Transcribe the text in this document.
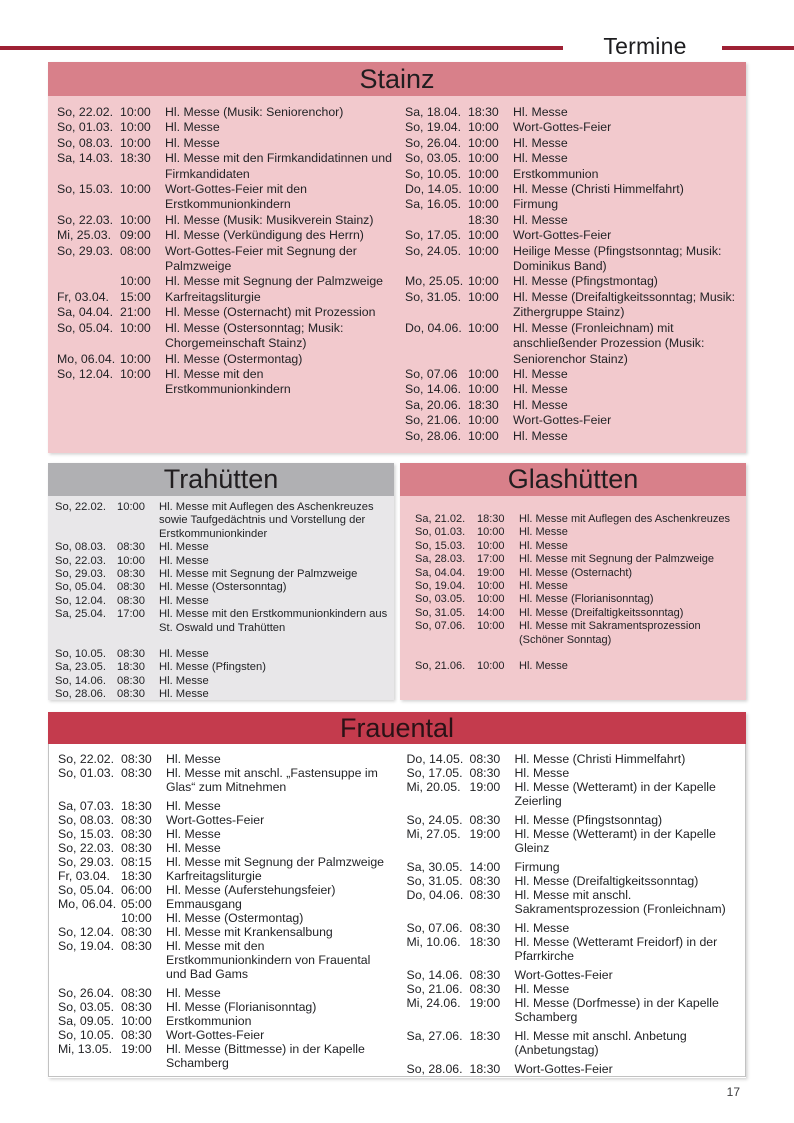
Termine
Stainz
So, 22.02. 10:00	Hl. Messe (Musik: Seniorenchor)
So, 01.03. 10:00	Hl. Messe
So, 08.03. 10:00	Hl. Messe
Sa, 14.03. 18:30	Hl. Messe mit den Firmkandidatinnen und Firmkandidaten
So, 15.03. 10:00	Wort-Gottes-Feier mit den Erstkommunionkindern
So, 22.03. 10:00	Hl. Messe (Musik: Musikverein Stainz)
Mi, 25.03. 09:00	Hl. Messe (Verkündigung des Herrn)
So, 29.03. 08:00	Wort-Gottes-Feier mit Segnung der Palmzweige
10:00	Hl. Messe mit Segnung der Palmzweige
Fr, 03.04. 15:00	Karfreitagsliturgie
Sa, 04.04. 21:00	Hl. Messe (Osternacht) mit Prozession
So, 05.04. 10:00	Hl. Messe (Ostersonntag; Musik: Chorgemeinschaft Stainz)
Mo, 06.04. 10:00	Hl. Messe (Ostermontag)
So, 12.04. 10:00	Hl. Messe mit den Erstkommunionkindern
Sa, 18.04. 18:30	Hl. Messe
So, 19.04. 10:00	Wort-Gottes-Feier
So, 26.04. 10:00	Hl. Messe
So, 03.05. 10:00	Hl. Messe
So, 10.05. 10:00	Erstkommunion
Do, 14.05. 10:00	Hl. Messe (Christi Himmelfahrt)
Sa, 16.05. 10:00	Firmung
18:30	Hl. Messe
So, 17.05. 10:00	Wort-Gottes-Feier
So, 24.05. 10:00	Heilige Messe (Pfingstsonntag; Musik: Dominikus Band)
Mo, 25.05. 10:00	Hl. Messe (Pfingstmontag)
So, 31.05. 10:00	Hl. Messe (Dreifaltigkeitssonntag; Musik: Zithergruppe Stainz)
Do, 04.06. 10:00	Hl. Messe (Fronleichnam) mit anschließender Prozession (Musik: Seniorenchor Stainz)
So, 07.06 10:00	Hl. Messe
So, 14.06. 10:00	Hl. Messe
Sa, 20.06. 18:30	Hl. Messe
So, 21.06. 10:00	Wort-Gottes-Feier
So, 28.06. 10:00	Hl. Messe
Trahütten
So, 22.02. 10:00	Hl. Messe mit Auflegen des Aschenkreuzes sowie Taufgedächtnis und Vorstellung der Erstkommunionkinder
So, 08.03. 08:30	Hl. Messe
So, 22.03. 10:00	Hl. Messe
So, 29.03. 08:30	Hl. Messe mit Segnung der Palmzweige
So, 05.04. 08:30	Hl. Messe (Ostersonntag)
So, 12.04. 08:30	Hl. Messe
Sa, 25.04. 17:00	Hl. Messe mit den Erstkommunionkindern aus St. Oswald und Trahütten
So, 10.05. 08:30	Hl. Messe
Sa, 23.05. 18:30	Hl. Messe (Pfingsten)
So, 14.06. 08:30	Hl. Messe
So, 28.06. 08:30	Hl. Messe
Glashütten
Sa, 21.02.	18:30	Hl. Messe mit Auflegen des Aschenkreuzes
So, 01.03.	10:00	Hl. Messe
So, 15.03.	10:00	Hl. Messe
Sa, 28.03.	17:00	Hl. Messe mit Segnung der Palmzweige
Sa, 04.04.	19:00	Hl. Messe (Osternacht)
So, 19.04.	10:00	Hl. Messe
So, 03.05.	10:00	Hl. Messe (Florianisonntag)
So, 31.05.	14:00	Hl. Messe (Dreifaltigkeitssonntag)
So, 07.06.	10:00	Hl. Messe mit Sakramentsprozession (Schöner Sonntag)
So, 21.06.	10:00	Hl. Messe
Frauental
So, 22.02. 08:30	Hl. Messe
So, 01.03. 08:30	Hl. Messe mit anschl. „Fastensuppe im Glas“ zum Mitnehmen
Sa, 07.03. 18:30	Hl. Messe
So, 08.03. 08:30	Wort-Gottes-Feier
So, 15.03. 08:30	Hl. Messe
So, 22.03. 08:30	Hl. Messe
So, 29.03. 08:15	Hl. Messe mit Segnung der Palmzweige
Fr, 03.04. 18:30	Karfreitagsliturgie
So, 05.04. 06:00	Hl. Messe (Auferstehungsfeier)
Mo, 06.04. 05:00	Emmausgang
10:00	Hl. Messe (Ostermontag)
So, 12.04. 08:30	Hl. Messe mit Krankensalbung
So, 19.04. 08:30	Hl. Messe mit den Erstkommunionkindern von Frauental und Bad Gams
So, 26.04. 08:30	Hl. Messe
So, 03.05. 08:30	Hl. Messe (Florianisonntag)
Sa, 09.05. 10:00	Erstkommunion
So, 10.05. 08:30	Wort-Gottes-Feier
Mi, 13.05. 19:00	Hl. Messe (Bittmesse) in der Kapelle Schamberg
Do, 14.05. 08:30	Hl. Messe (Christi Himmelfahrt)
So, 17.05. 08:30	Hl. Messe
Mi, 20.05. 19:00	Hl. Messe (Wetteramt) in der Kapelle Zeierling
So, 24.05. 08:30	Hl. Messe (Pfingstsonntag)
Mi, 27.05. 19:00	Hl. Messe (Wetteramt) in der Kapelle Gleinz
Sa, 30.05. 14:00	Firmung
So, 31.05. 08:30	Hl. Messe (Dreifaltigkeitssonntag)
Do, 04.06. 08:30	Hl. Messe mit anschl. Sakramentsprozession (Fronleichnam)
So, 07.06. 08:30	Hl. Messe
Mi, 10.06. 18:30	Hl. Messe (Wetteramt Freidorf) in der Pfarrkirche
So, 14.06. 08:30	Wort-Gottes-Feier
So, 21.06. 08:30	Hl. Messe
Mi, 24.06. 19:00	Hl. Messe (Dorfmesse) in der Kapelle Schamberg
Sa, 27.06. 18:30	Hl. Messe mit anschl. Anbetung (Anbetungstag)
So, 28.06. 18:30	Wort-Gottes-Feier
17
